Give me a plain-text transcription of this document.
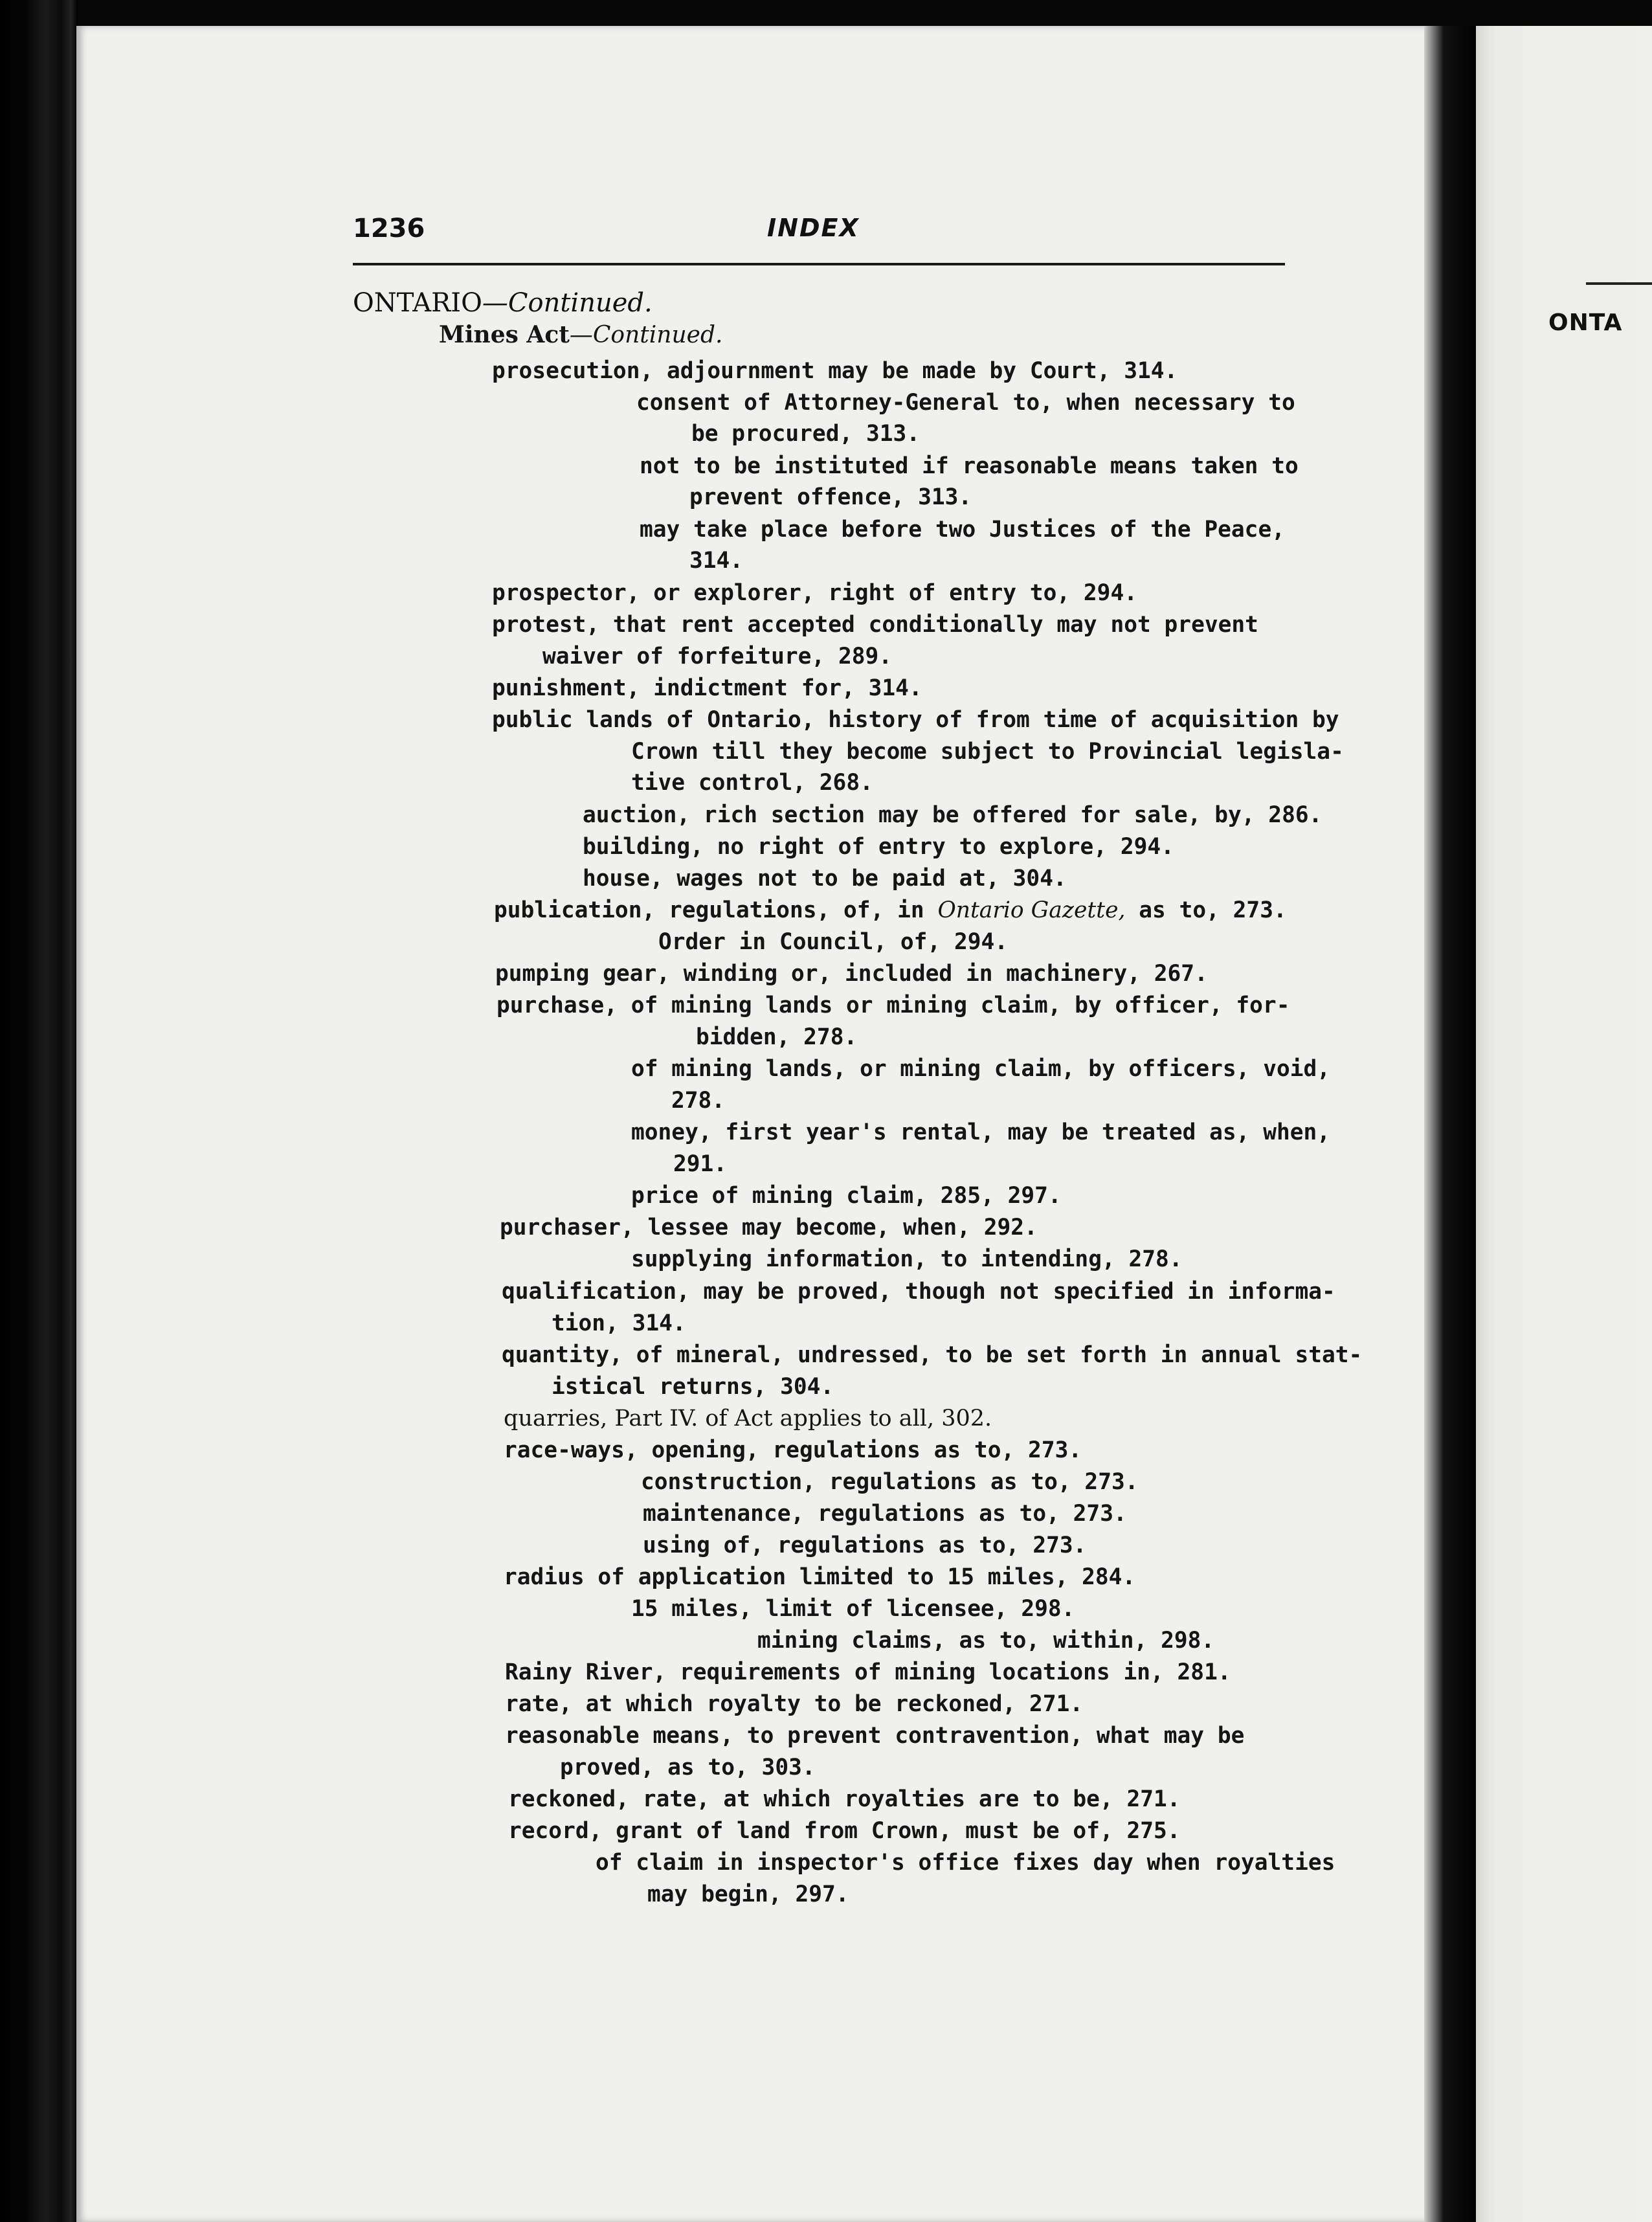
ONTA
1236	INDEX
ONTARIO—Continued.
Mines Act—Continued.
prosecution, adjournment may be made by Court, 314.
consent of Attorney-General to, when necessary to
be procured, 313.
not to be instituted if reasonable means taken to
prevent offence, 313.
may take place before two Justices of the Peace,
314.
prospector, or explorer, right of entry to, 294.
protest, that rent accepted conditionally may not prevent
waiver of forfeiture, 289.
punishment, indictment for, 314.
public lands of Ontario, history of from time of acquisition by
Crown till they become subject to Provincial legisla-
tive control, 268.
auction, rich section may be offered for sale, by, 286.
building, no right of entry to explore, 294.
house, wages not to be paid at, 304.
publication, regulations, of, in Ontario Gazette, as to, 273.
Order in Council, of, 294.
pumping gear, winding or, included in machinery, 267.
purchase, of mining lands or mining claim, by officer, for-
bidden, 278.
of mining lands, or mining claim, by officers, void,
278.
money, first year's rental, may be treated as, when,
291.
price of mining claim, 285, 297.
purchaser, lessee may become, when, 292.
supplying information, to intending, 278.
qualification, may be proved, though not specified in informa-
tion, 314.
quantity, of mineral, undressed, to be set forth in annual stat-
istical returns, 304.
quarries, Part IV. of Act applies to all, 302.
race-ways, opening, regulations as to, 273.
construction, regulations as to, 273.
maintenance, regulations as to, 273.
using of, regulations as to, 273.
radius of application limited to 15 miles, 284.
15 miles, limit of licensee, 298.
mining claims, as to, within, 298.
Rainy River, requirements of mining locations in, 281.
rate, at which royalty to be reckoned, 271.
reasonable means, to prevent contravention, what may be
proved, as to, 303.
reckoned, rate, at which royalties are to be, 271.
record, grant of land from Crown, must be of, 275.
of claim in inspector's office fixes day when royalties
may begin, 297.
